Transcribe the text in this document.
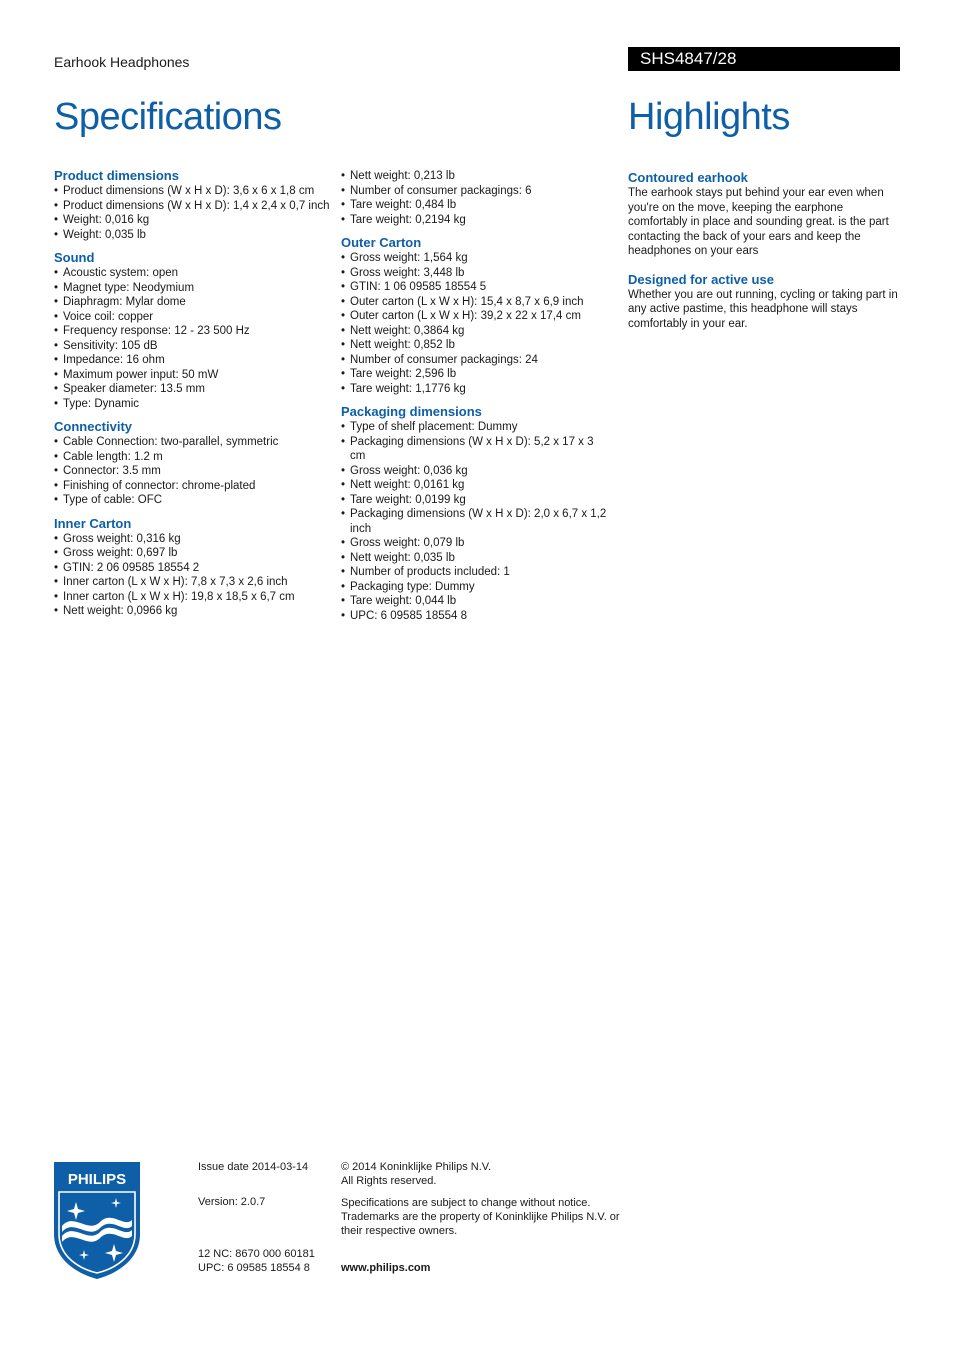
Earhook Headphones	SHS4847/28
Specifications	Highlights
Product dimensions
• Product dimensions (W x H x D): 3,6 x 6 x 1,8 cm
• Product dimensions (W x H x D): 1,4 x 2,4 x 0,7 inch
• Weight: 0,016 kg
• Weight: 0,035 lb
Sound
• Acoustic system: open
• Magnet type: Neodymium
• Diaphragm: Mylar dome
• Voice coil: copper
• Frequency response: 12 - 23 500 Hz
• Sensitivity: 105 dB
• Impedance: 16 ohm
• Maximum power input: 50 mW
• Speaker diameter: 13.5 mm
• Type: Dynamic
Connectivity
• Cable Connection: two-parallel, symmetric
• Cable length: 1.2 m
• Connector: 3.5 mm
• Finishing of connector: chrome-plated
• Type of cable: OFC
Inner Carton
• Gross weight: 0,316 kg
• Gross weight: 0,697 lb
• GTIN: 2 06 09585 18554 2
• Inner carton (L x W x H): 7,8 x 7,3 x 2,6 inch
• Inner carton (L x W x H): 19,8 x 18,5 x 6,7 cm
• Nett weight: 0,0966 kg
• Nett weight: 0,213 lb
• Number of consumer packagings: 6
• Tare weight: 0,484 lb
• Tare weight: 0,2194 kg
Outer Carton
• Gross weight: 1,564 kg
• Gross weight: 3,448 lb
• GTIN: 1 06 09585 18554 5
• Outer carton (L x W x H): 15,4 x 8,7 x 6,9 inch
• Outer carton (L x W x H): 39,2 x 22 x 17,4 cm
• Nett weight: 0,3864 kg
• Nett weight: 0,852 lb
• Number of consumer packagings: 24
• Tare weight: 2,596 lb
• Tare weight: 1,1776 kg
Packaging dimensions
• Type of shelf placement: Dummy
• Packaging dimensions (W x H x D): 5,2 x 17 x 3 cm
• Gross weight: 0,036 kg
• Nett weight: 0,0161 kg
• Tare weight: 0,0199 kg
• Packaging dimensions (W x H x D): 2,0 x 6,7 x 1,2 inch
• Gross weight: 0,079 lb
• Nett weight: 0,035 lb
• Number of products included: 1
• Packaging type: Dummy
• Tare weight: 0,044 lb
• UPC: 6 09585 18554 8
Contoured earhook

The earhook stays put behind your ear even when you're on the move, keeping the earphone comfortably in place and sounding great. is the part contacting the back of your ears and keep the headphones on your ears

Designed for active use

Whether you are out running, cycling or taking part in any active pastime, this headphone will stays comfortably in your ear.

PHILIPS
Issue date 2014-03-14
Version: 2.0.7
12 NC: 8670 000 60181
UPC: 6 09585 18554 8
© 2014 Koninklijke Philips N.V.
All Rights reserved.
Specifications are subject to change without notice. Trademarks are the property of Koninklijke Philips N.V. or their respective owners.
www.philips.com
